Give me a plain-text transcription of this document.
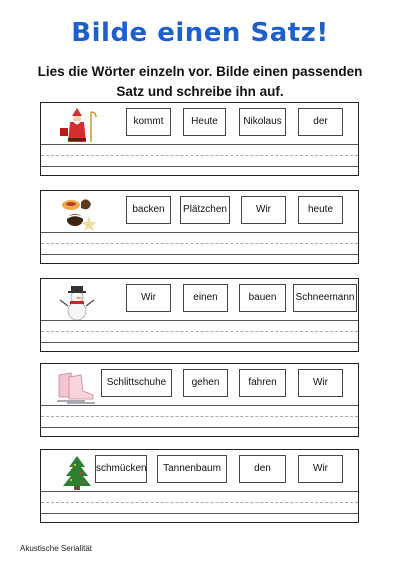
Bilde einen Satz!
Lies die Wörter einzeln vor. Bilde einen passenden
Satz und schreibe ihn auf.
kommt	Heute	Nikolaus	der
backen	Plätzchen	Wir	heute
Wir	einen	bauen	Schneemann
Schlittschuhe	gehen	fahren	Wir
schmücken	Tannenbaum	den	Wir
Akustische Serialität
